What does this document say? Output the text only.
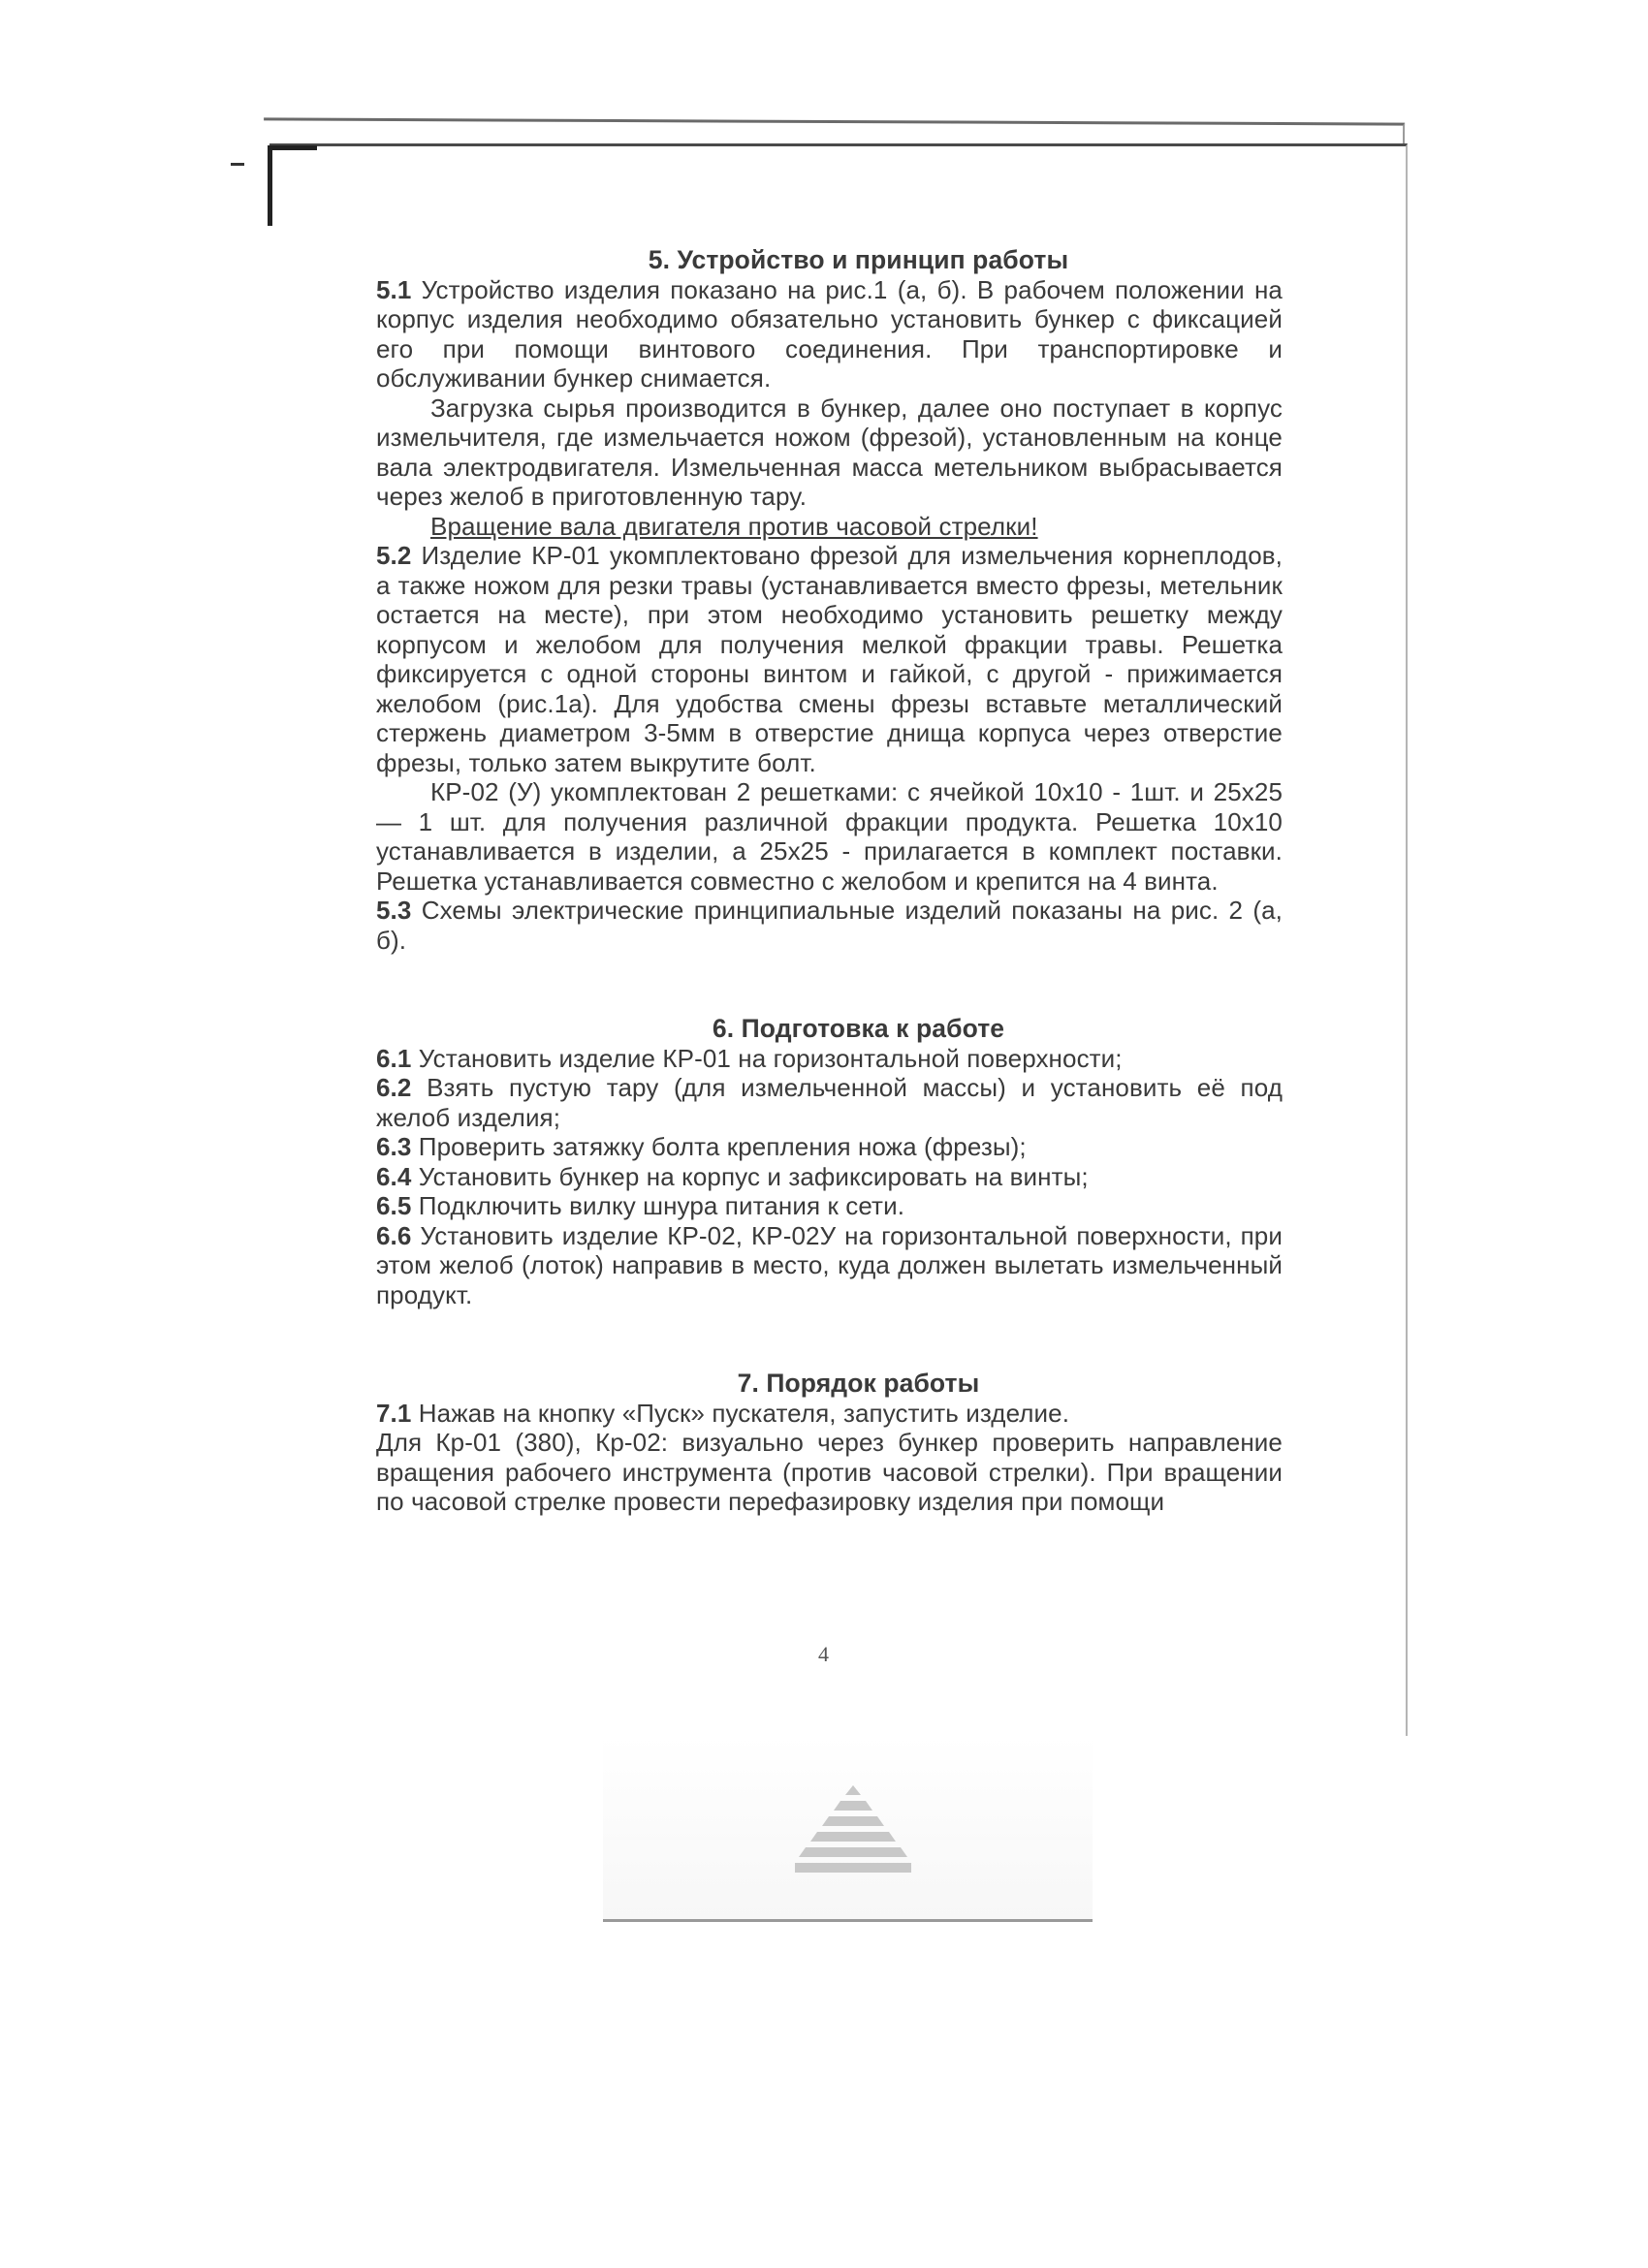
5. Устройство и принцип работы

5.1 Устройство изделия показано на рис.1 (а, б). В рабочем положении на корпус изделия необходимо обязательно установить бункер с фиксацией его при помощи винтового соединения. При транспортировке и обслуживании бункер снимается.

Загрузка сырья производится в бункер, далее оно поступает в корпус измельчителя, где измельчается ножом (фрезой), установленным на конце вала электродвигателя. Измельченная масса метельником выбрасывается через желоб в приготовленную тару.

Вращение вала двигателя против часовой стрелки!

5.2 Изделие КР-01 укомплектовано фрезой для измельчения корнеплодов, а также ножом для резки травы (устанавливается вместо фрезы, метельник остается на месте), при этом необходимо установить решетку между корпусом и желобом для получения мелкой фракции травы. Решетка фиксируется с одной стороны винтом и гайкой, с другой - прижимается желобом (рис.1а). Для удобства смены фрезы вставьте металлический стержень диаметром 3-5мм в отверстие днища корпуса через отверстие фрезы, только затем выкрутите болт.

КР-02 (У) укомплектован 2 решетками: с ячейкой 10х10 - 1шт. и 25х25 — 1 шт. для получения различной фракции продукта. Решетка 10х10 устанавливается в изделии, а 25х25 - прилагается в комплект поставки. Решетка устанавливается совместно с желобом и крепится на 4 винта.

5.3 Схемы электрические принципиальные изделий показаны на рис. 2 (а, б).

6. Подготовка к работе

6.1 Установить изделие КР-01 на горизонтальной поверхности;

6.2 Взять пустую тару (для измельченной массы) и установить её под желоб изделия;

6.3 Проверить затяжку болта крепления ножа (фрезы);

6.4 Установить бункер на корпус и зафиксировать на винты;

6.5 Подключить вилку шнура питания к сети.

6.6 Установить изделие КР-02, КР-02У на горизонтальной поверхности, при этом желоб (лоток) направив в место, куда должен вылетать измельченный продукт.

7. Порядок работы

7.1 Нажав на кнопку «Пуск» пускателя, запустить изделие.

Для Кр-01 (380), Кр-02: визуально через бункер проверить направление вращения рабочего инструмента (против часовой стрелки). При вращении по часовой стрелке провести перефазировку изделия при помощи

4
